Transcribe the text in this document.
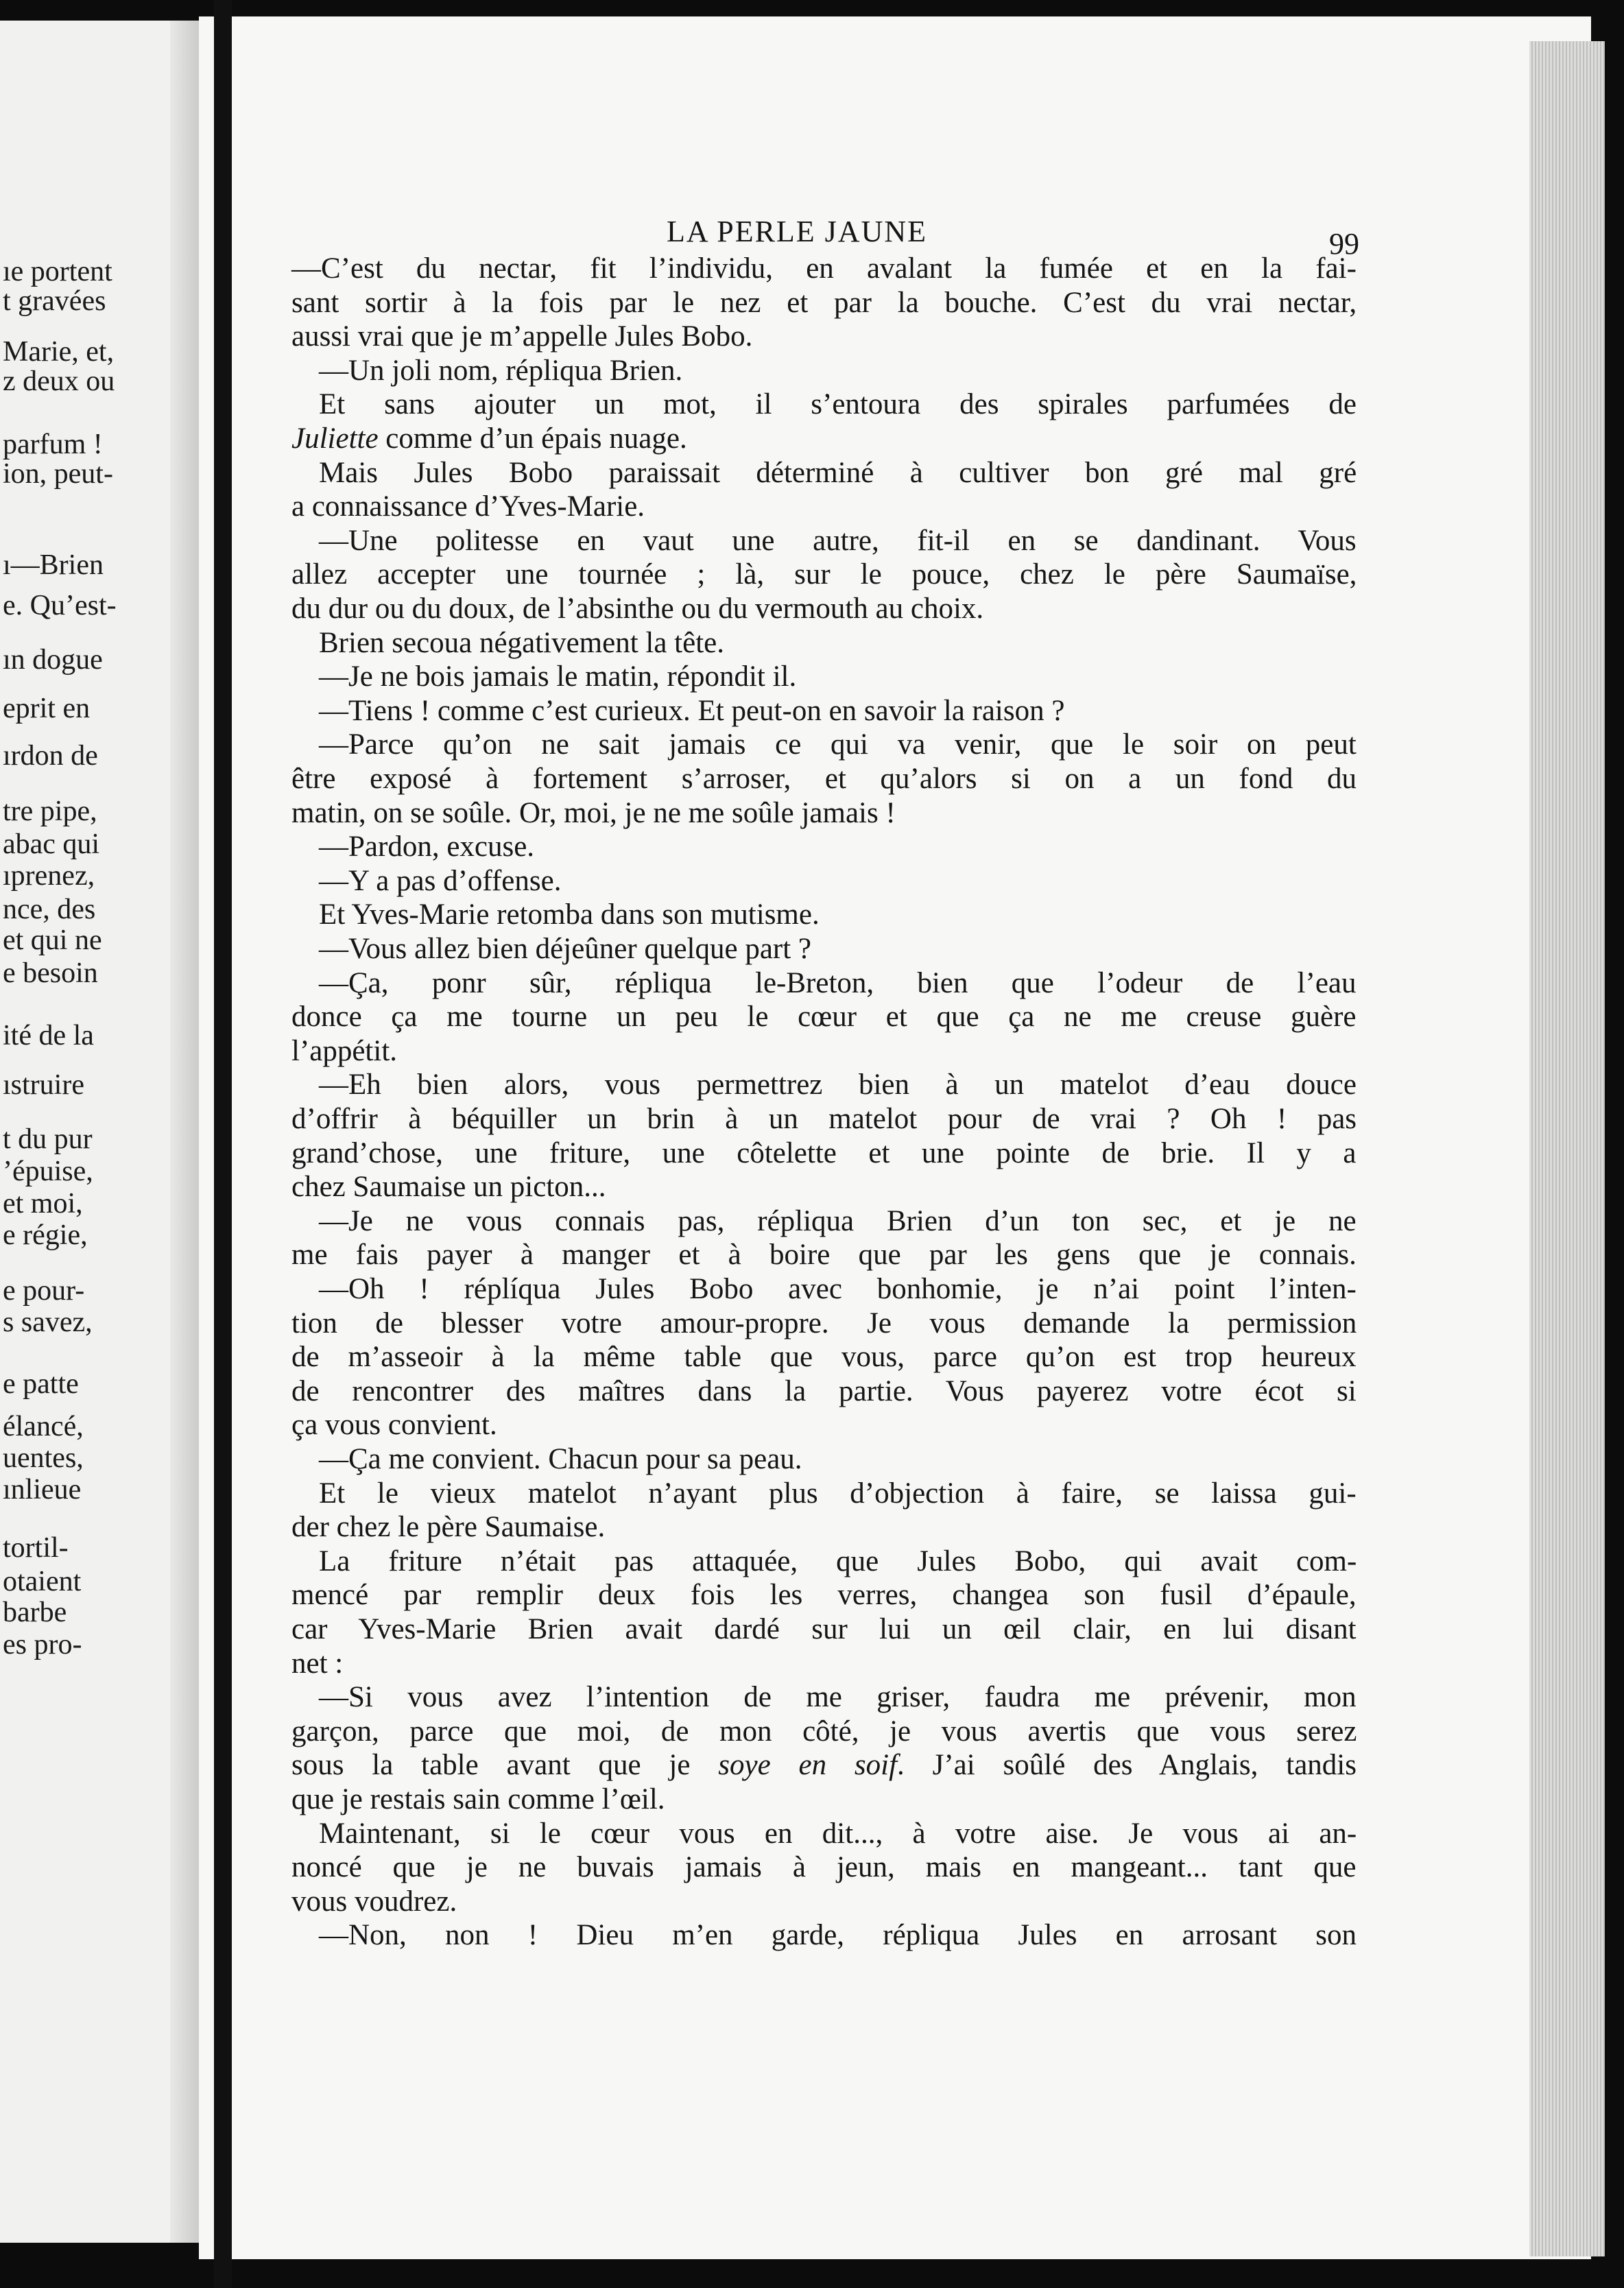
ıe portent
t gravées
Marie, et,
z deux ou
parfum !
ion, peut-
ı—Brien
e. Qu’est-
ın dogue
eprit en
ırdon de
tre pipe,
abac qui
ıprenez,
nce, des
et qui ne
e besoin
ité de la
ıstruire
t du pur
’épuise,
et moi,
e régie,
e pour-
s savez,
e patte
élancé,
uentes,
ınlieue
tortil-
otaient
barbe
es pro-
LA PERLE JAUNE	99
—C’est du nectar, fit l’individu, en avalant la fumée et en la fai-
sant sortir à la fois par le nez et par la bouche. C’est du vrai nectar,
aussi vrai que je m’appelle Jules Bobo.
—Un joli nom, répliqua Brien.
Et sans ajouter un mot, il s’entoura des spirales parfumées de
Juliette comme d’un épais nuage.
Mais Jules Bobo paraissait déterminé à cultiver bon gré mal gré
a connaissance d’Yves-Marie.
—Une politesse en vaut une autre, fit-il en se dandinant. Vous
allez accepter une tournée ; là, sur le pouce, chez le père Saumaïse,
du dur ou du doux, de l’absinthe ou du vermouth au choix.
Brien secoua négativement la tête.
—Je ne bois jamais le matin, répondit il.
—Tiens ! comme c’est curieux. Et peut-on en savoir la raison ?
—Parce qu’on ne sait jamais ce qui va venir, que le soir on peut
être exposé à fortement s’arroser, et qu’alors si on a un fond du
matin, on se soûle. Or, moi, je ne me soûle jamais !
—Pardon, excuse.
—Y a pas d’offense.
Et Yves-Marie retomba dans son mutisme.
—Vous allez bien déjeûner quelque part ?
—Ça, ponr sûr, répliqua le-Breton, bien que l’odeur de l’eau
donce ça me tourne un peu le cœur et que ça ne me creuse guère
l’appétit.
—Eh bien alors, vous permettrez bien à un matelot d’eau douce
d’offrir à béquiller un brin à un matelot pour de vrai ? Oh ! pas
grand’chose, une friture, une côtelette et une pointe de brie. Il y a
chez Saumaise un picton...
—Je ne vous connais pas, répliqua Brien d’un ton sec, et je ne
me fais payer à manger et à boire que par les gens que je connais.
—Oh ! réplíqua Jules Bobo avec bonhomie, je n’ai point l’inten-
tion de blesser votre amour-propre. Je vous demande la permission
de m’asseoir à la même table que vous, parce qu’on est trop heureux
de rencontrer des maîtres dans la partie. Vous payerez votre écot si
ça vous convient.
—Ça me convient. Chacun pour sa peau.
Et le vieux matelot n’ayant plus d’objection à faire, se laissa gui-
der chez le père Saumaise.
La friture n’était pas attaquée, que Jules Bobo, qui avait com-
mencé par remplir deux fois les verres, changea son fusil d’épaule,
car Yves-Marie Brien avait dardé sur lui un œil clair, en lui disant
net :
—Si vous avez l’intention de me griser, faudra me prévenir, mon
garçon, parce que moi, de mon côté, je vous avertis que vous serez
sous la table avant que je soye en soif. J’ai soûlé des Anglais, tandis
que je restais sain comme l’œil.
Maintenant, si le cœur vous en dit..., à votre aise. Je vous ai an-
noncé que je ne buvais jamais à jeun, mais en mangeant... tant que
vous voudrez.
—Non, non ! Dieu m’en garde, répliqua Jules en arrosant son
